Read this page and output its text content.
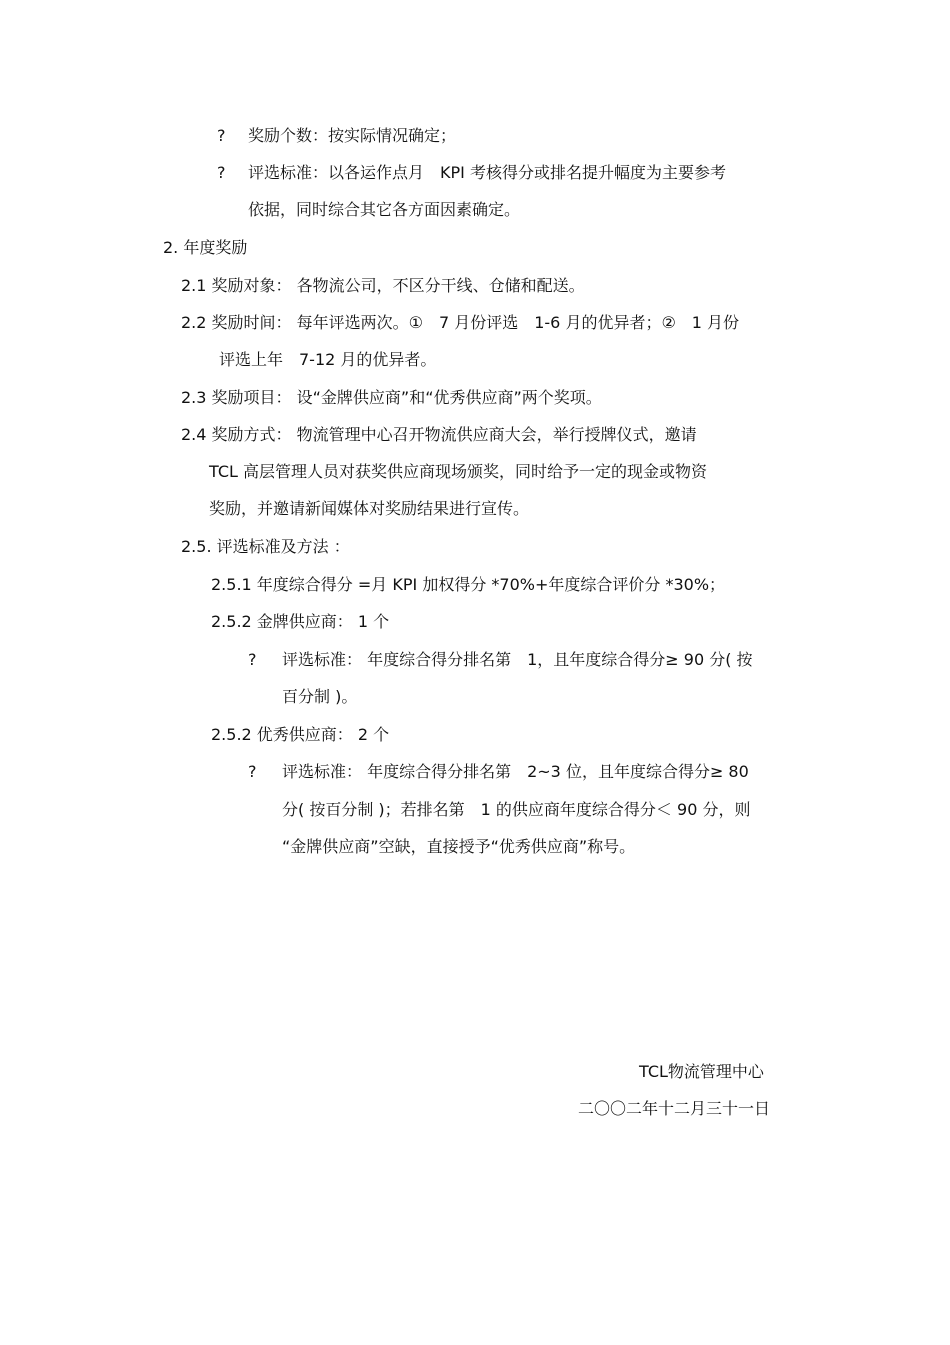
? 奖励个数：按实际情况确定；
? 评选标准：以各运作点月　KPI 考核得分或排名提升幅度为主要参考
依据，同时综合其它各方面因素确定。
2. 年度奖励
2.1 奖励对象： 各物流公司，不区分干线、仓储和配送。
2.2 奖励时间： 每年评选两次。①　7 月份评选　1-6 月的优异者；②　1 月份
评选上年　7-12 月的优异者。
2.3 奖励项目： 设“金牌供应商”和“优秀供应商”两个奖项。
2.4 奖励方式： 物流管理中心召开物流供应商大会，举行授牌仪式，邀请
TCL 高层管理人员对获奖供应商现场颁奖，同时给予一定的现金或物资
奖励，并邀请新闻媒体对奖励结果进行宣传。
2.5. 评选标准及方法 ：
2.5.1 年度综合得分 =月 KPI 加权得分 *70%+年度综合评价分 *30%；
2.5.2 金牌供应商： 1 个
? 评选标准： 年度综合得分排名第　1，且年度综合得分≥ 90 分( 按
百分制 )。
2.5.2 优秀供应商： 2 个
? 评选标准： 年度综合得分排名第　2~3 位，且年度综合得分≥ 80
分( 按百分制 )；若排名第　1 的供应商年度综合得分＜ 90 分，则
“金牌供应商”空缺，直接授予“优秀供应商”称号。
TCL物流管理中心
二〇〇二年十二月三十一日
